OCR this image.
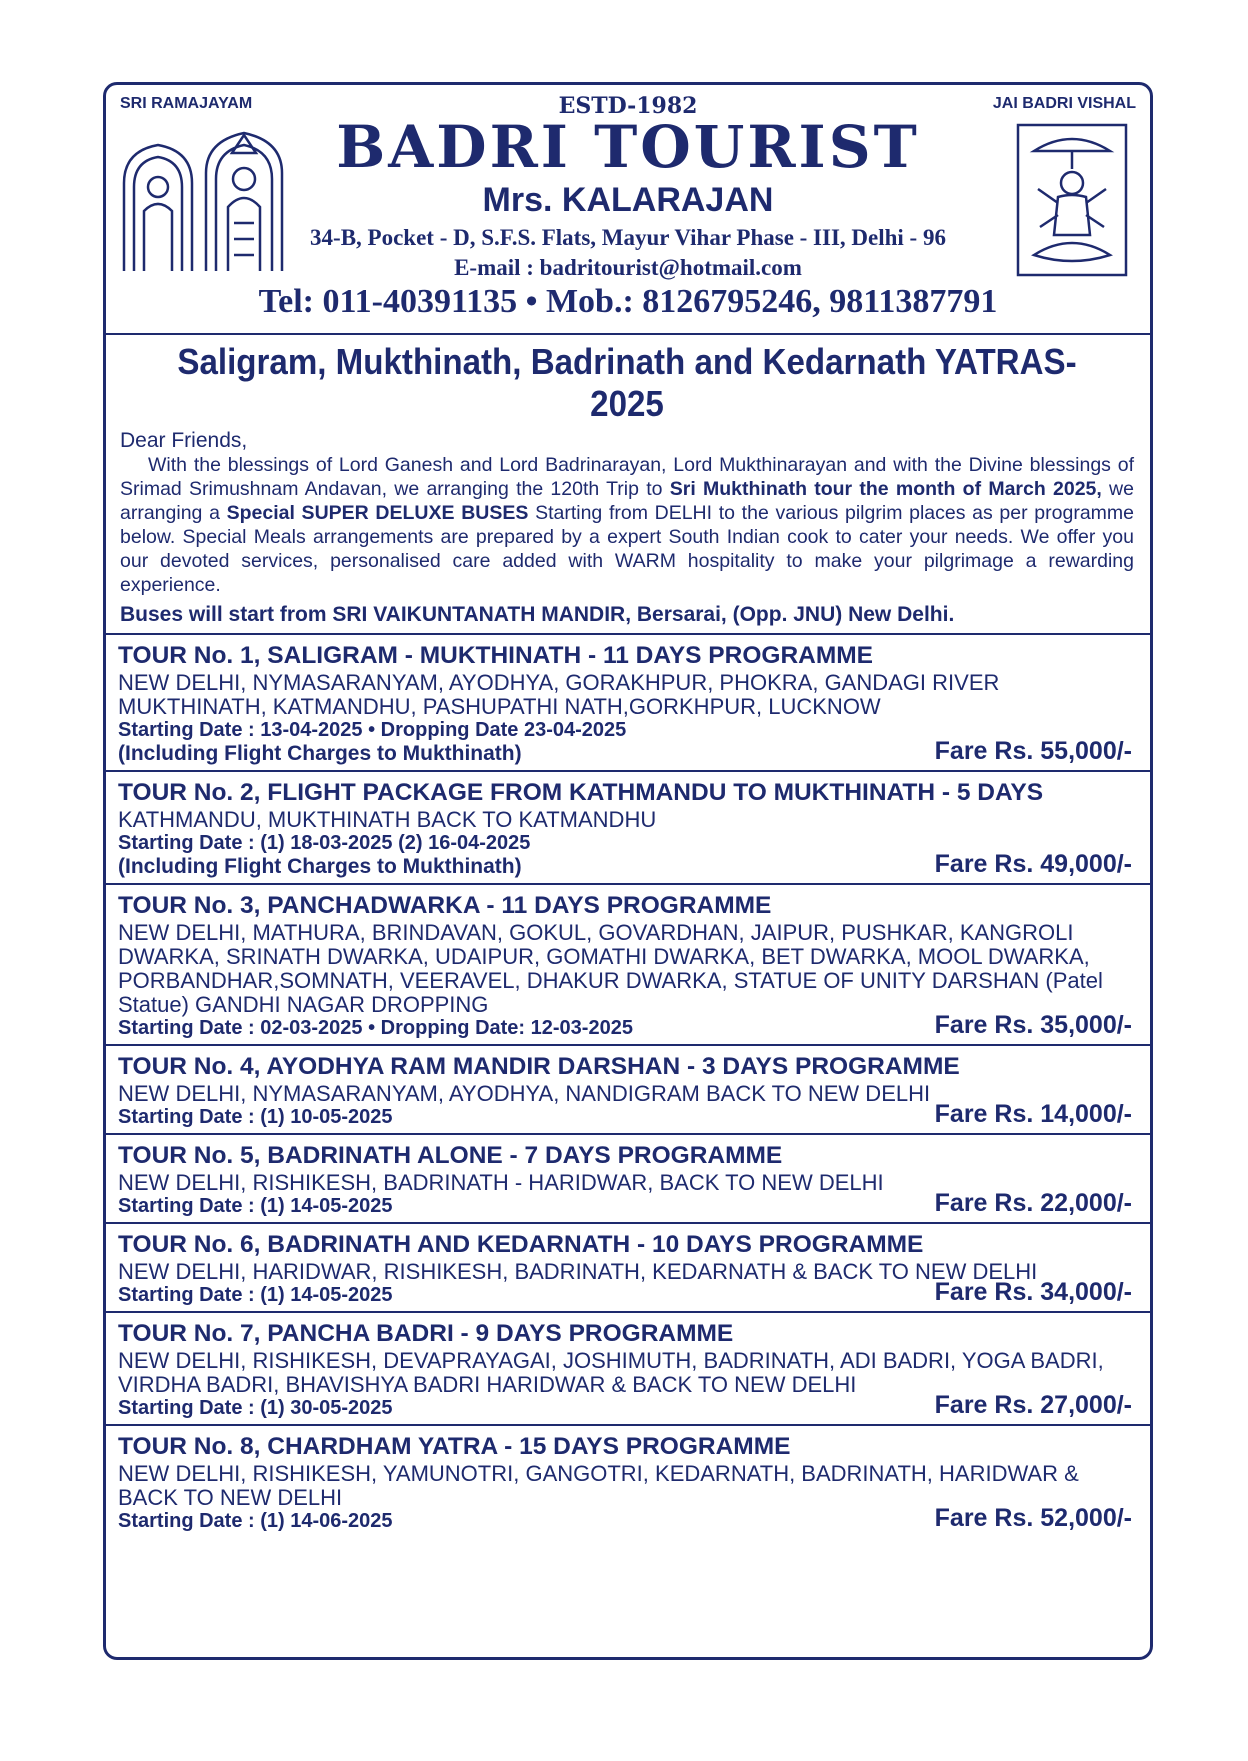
SRI RAMAJAYAM	ESTD-1982	JAI BADRI VISHAL
BADRI TOURIST
Mrs. KALARAJAN
34-B, Pocket - D, S.F.S. Flats, Mayur Vihar Phase - III, Delhi - 96
E-mail : badritourist@hotmail.com
Tel: 011-40391135 • Mob.: 8126795246, 9811387791
Saligram, Mukthinath, Badrinath and Kedarnath YATRAS-2025
Dear Friends,
With the blessings of Lord Ganesh and Lord Badrinarayan, Lord Mukthinarayan and with the Divine blessings of Srimad Srimushnam Andavan, we arranging the 120th Trip to Sri Mukthinath tour the month of March 2025, we arranging a Special SUPER DELUXE BUSES Starting from DELHI to the various pilgrim places as per programme below. Special Meals arrangements are prepared by a expert South Indian cook to cater your needs. We offer you our devoted services, personalised care added with WARM hospitality to make your pilgrimage a rewarding experience.
Buses will start from SRI VAIKUNTANATH MANDIR, Bersarai, (Opp. JNU) New Delhi.
TOUR No. 1, SALIGRAM - MUKTHINATH - 11 DAYS PROGRAMME
NEW DELHI, NYMASARANYAM, AYODHYA, GORAKHPUR, PHOKRA, GANDAGI RIVER MUKTHINATH, KATMANDHU, PASHUPATHI NATH,GORKHPUR, LUCKNOW
Starting Date : 13-04-2025 • Dropping Date 23-04-2025
(Including Flight Charges to Mukthinath)	Fare Rs. 55,000/-
TOUR No. 2, FLIGHT PACKAGE FROM KATHMANDU TO MUKTHINATH - 5 DAYS
KATHMANDU, MUKTHINATH BACK TO KATMANDHU
Starting Date : (1) 18-03-2025 (2) 16-04-2025
(Including Flight Charges to Mukthinath)	Fare Rs. 49,000/-
TOUR No. 3, PANCHADWARKA - 11 DAYS PROGRAMME
NEW DELHI, MATHURA, BRINDAVAN, GOKUL, GOVARDHAN, JAIPUR, PUSHKAR, KANGROLI DWARKA, SRINATH DWARKA, UDAIPUR, GOMATHI DWARKA, BET DWARKA, MOOL DWARKA, PORBANDHAR,SOMNATH, VEERAVEL, DHAKUR DWARKA, STATUE OF UNITY DARSHAN (Patel Statue) GANDHI NAGAR DROPPING
Starting Date : 02-03-2025 • Dropping Date: 12-03-2025	Fare Rs. 35,000/-
TOUR No. 4, AYODHYA RAM MANDIR DARSHAN - 3 DAYS PROGRAMME
NEW DELHI, NYMASARANYAM, AYODHYA, NANDIGRAM BACK TO NEW DELHI
Starting Date : (1) 10-05-2025	Fare Rs. 14,000/-
TOUR No. 5, BADRINATH ALONE - 7 DAYS PROGRAMME
NEW DELHI, RISHIKESH, BADRINATH - HARIDWAR, BACK TO NEW DELHI
Starting Date : (1) 14-05-2025	Fare Rs. 22,000/-
TOUR No. 6, BADRINATH AND KEDARNATH - 10 DAYS PROGRAMME
NEW DELHI, HARIDWAR, RISHIKESH, BADRINATH, KEDARNATH & BACK TO NEW DELHI
Starting Date : (1) 14-05-2025	Fare Rs. 34,000/-
TOUR No. 7, PANCHA BADRI - 9 DAYS PROGRAMME
NEW DELHI, RISHIKESH, DEVAPRAYAGAI, JOSHIMUTH, BADRINATH, ADI BADRI, YOGA BADRI, VIRDHA BADRI, BHAVISHYA BADRI HARIDWAR & BACK TO NEW DELHI
Starting Date : (1) 30-05-2025	Fare Rs. 27,000/-
TOUR No. 8, CHARDHAM YATRA - 15 DAYS PROGRAMME
NEW DELHI, RISHIKESH, YAMUNOTRI, GANGOTRI, KEDARNATH, BADRINATH, HARIDWAR & BACK TO NEW DELHI
Starting Date : (1) 14-06-2025	Fare Rs. 52,000/-
